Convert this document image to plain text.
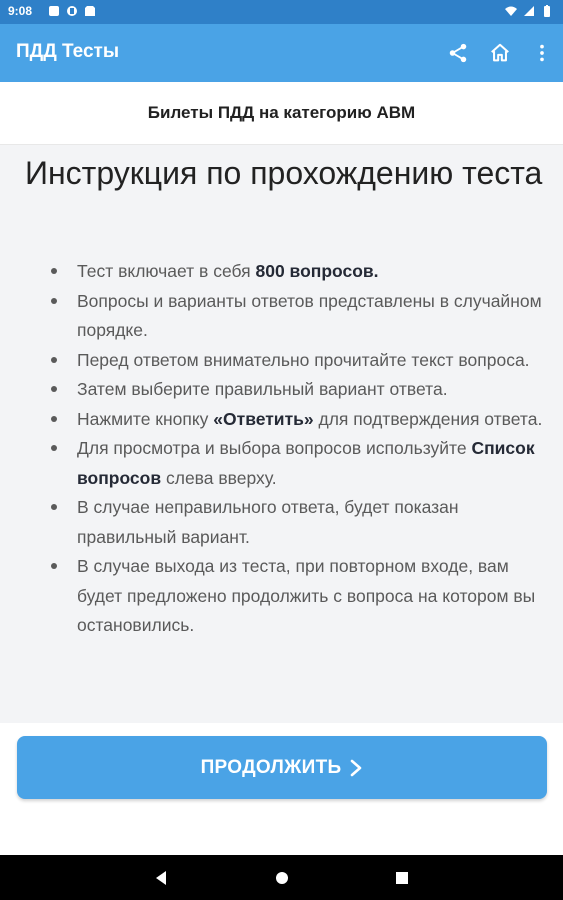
9:08
ПДД Тесты
Билеты ПДД на категорию ABM
Инструкция по прохождению теста
Тест включает в себя 800 вопросов.
Вопросы и варианты ответов представлены в случайном порядке.
Перед ответом внимательно прочитайте текст вопроса.
Затем выберите правильный вариант ответа.
Нажмите кнопку «Ответить» для подтверждения ответа.
Для просмотра и выбора вопросов используйте Список вопросов слева вверху.
В случае неправильного ответа, будет показан правильный вариант.
В случае выхода из теста, при повторном входе, вам будет предложено продолжить с вопроса на котором вы остановились.
ПРОДОЛЖИТЬ
